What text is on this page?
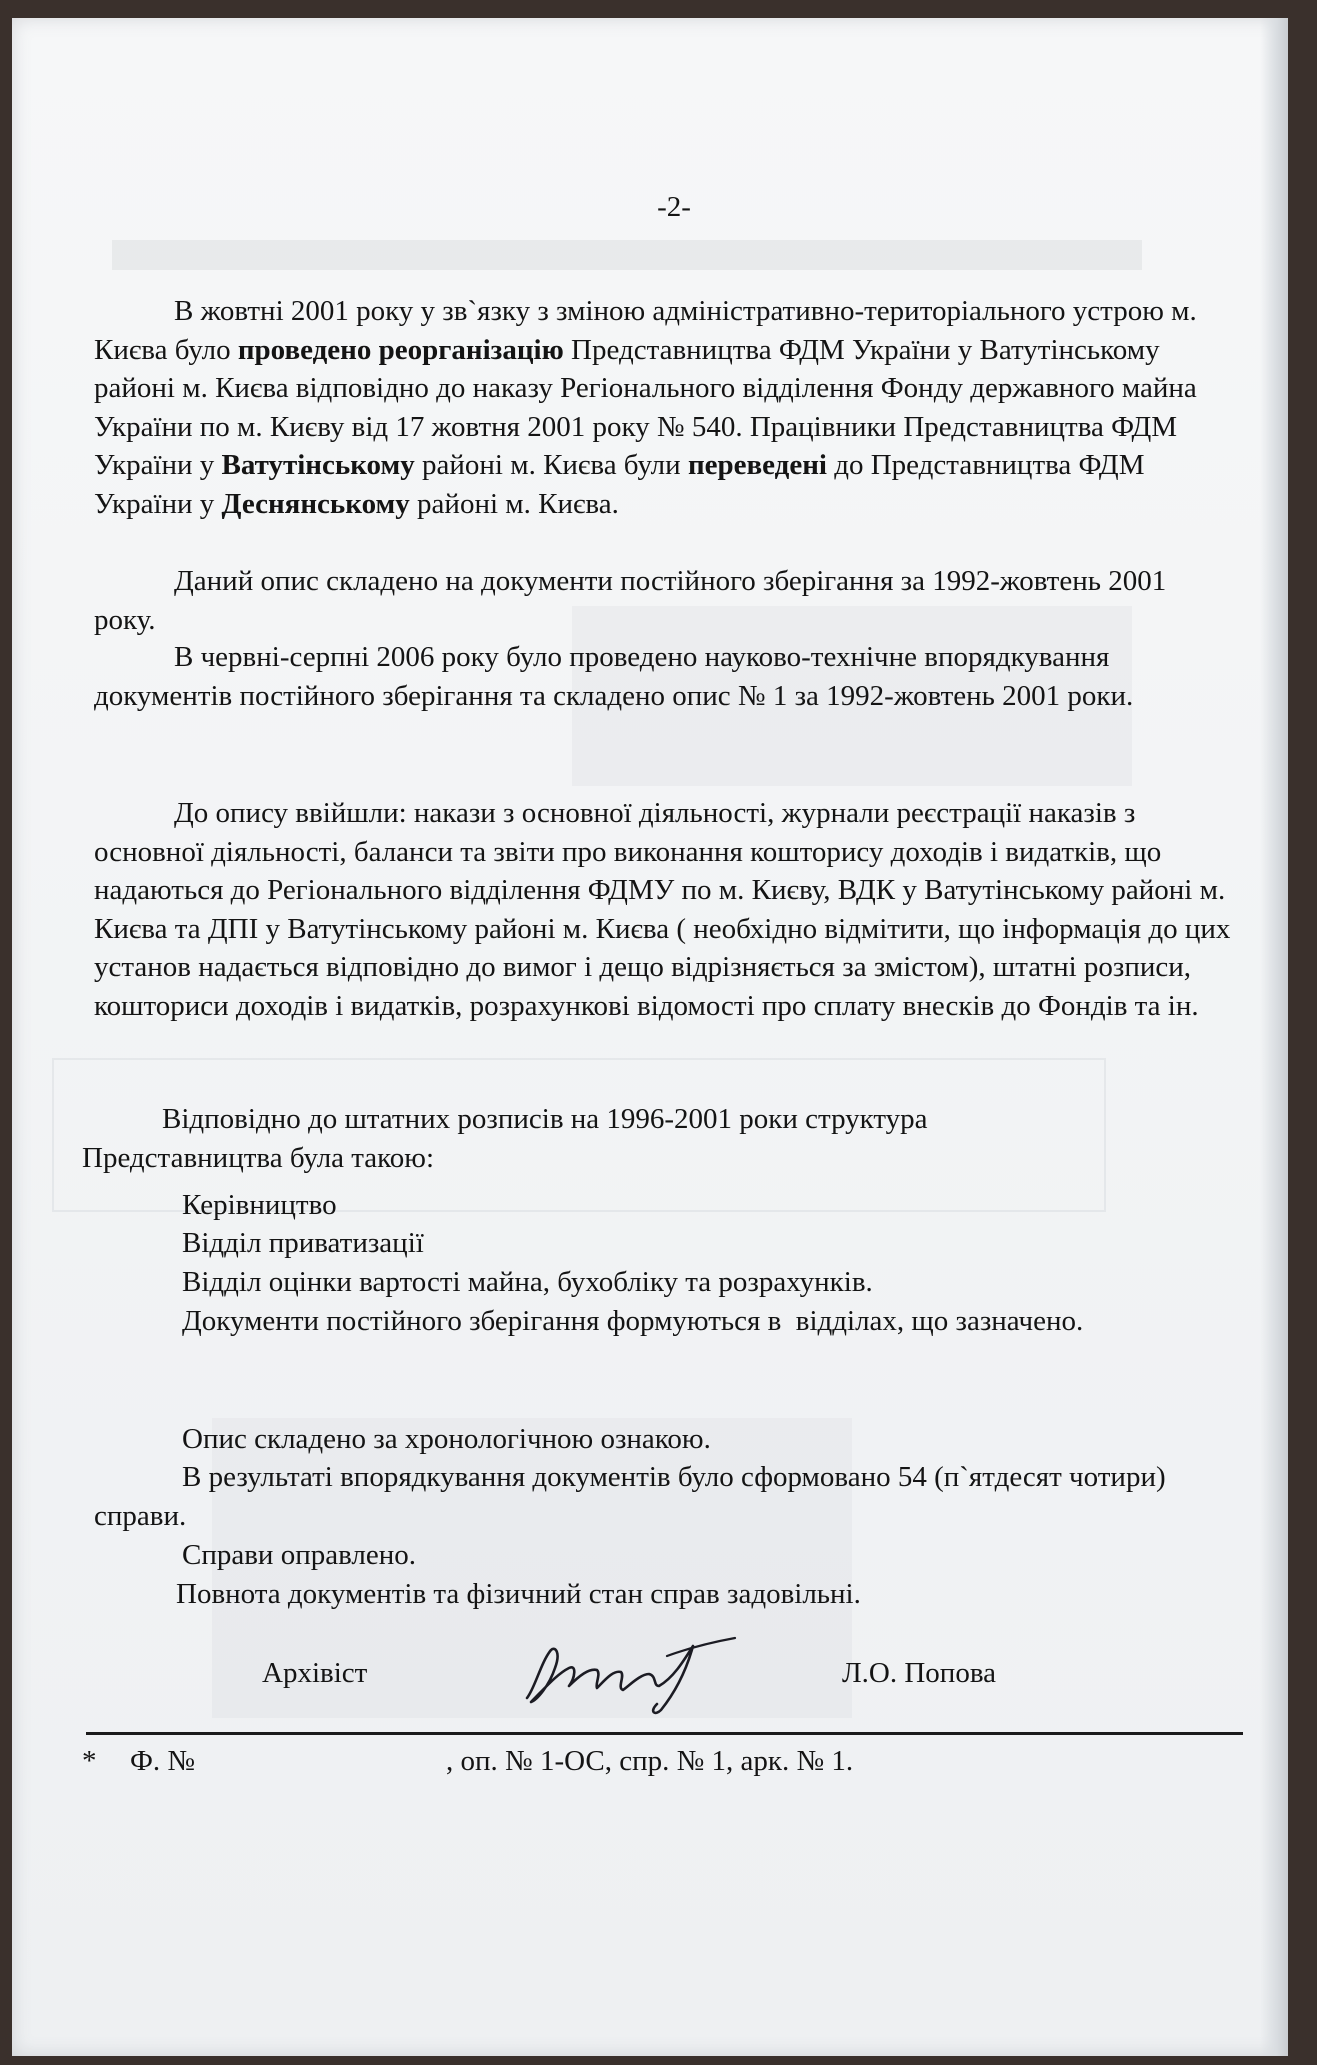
-2-

В жовтні 2001 року у зв`язку з зміною адміністративно-територіального устрою м. Києва було проведено реорганізацію Представництва ФДМ України у Ватутінському районі м. Києва відповідно до наказу Регіонального відділення Фонду державного майна України по м. Києву від 17 жовтня 2001 року № 540. Працівники Представництва ФДМ України у Ватутінському районі м. Києва були переведені до Представництва ФДМ України у Деснянському районі м. Києва.

Даний опис складено на документи постійного зберігання за 1992-жовтень 2001 року.

В червні-серпні 2006 року було проведено науково-технічне впорядкування документів постійного зберігання та складено опис № 1 за 1992-жовтень 2001 роки.

До опису ввійшли: накази з основної діяльності, журнали реєстрації наказів з основної діяльності, баланси та звіти про виконання кошторису доходів і видатків, що надаються до Регіонального відділення ФДМУ по м. Києву, ВДК у Ватутінському районі м. Києва та ДПІ у Ватутінському районі м. Києва ( необхідно відмітити, що інформація до цих установ надається відповідно до вимог і дещо відрізняється за змістом), штатні розписи, кошториси доходів і видатків, розрахункові відомості про сплату внесків до Фондів та ін.

Відповідно до штатних розписів на 1996-2001 роки структура Представництва була такою:

Керівництво
Відділ приватизації
Відділ оцінки вартості майна, бухобліку та розрахунків.
Документи постійного зберігання формуються в  відділах, що зазначено.
Опис складено за хронологічною ознакою.

В результаті впорядкування документів було сформовано 54 (п`ятдесят чотири) справи.

Справи оправлено.
Повнота документів та фізичний стан справ задовільні.
Архівіст	Л.О. Попова
* Ф. №	, оп. № 1-ОС, спр. № 1, арк. № 1.
